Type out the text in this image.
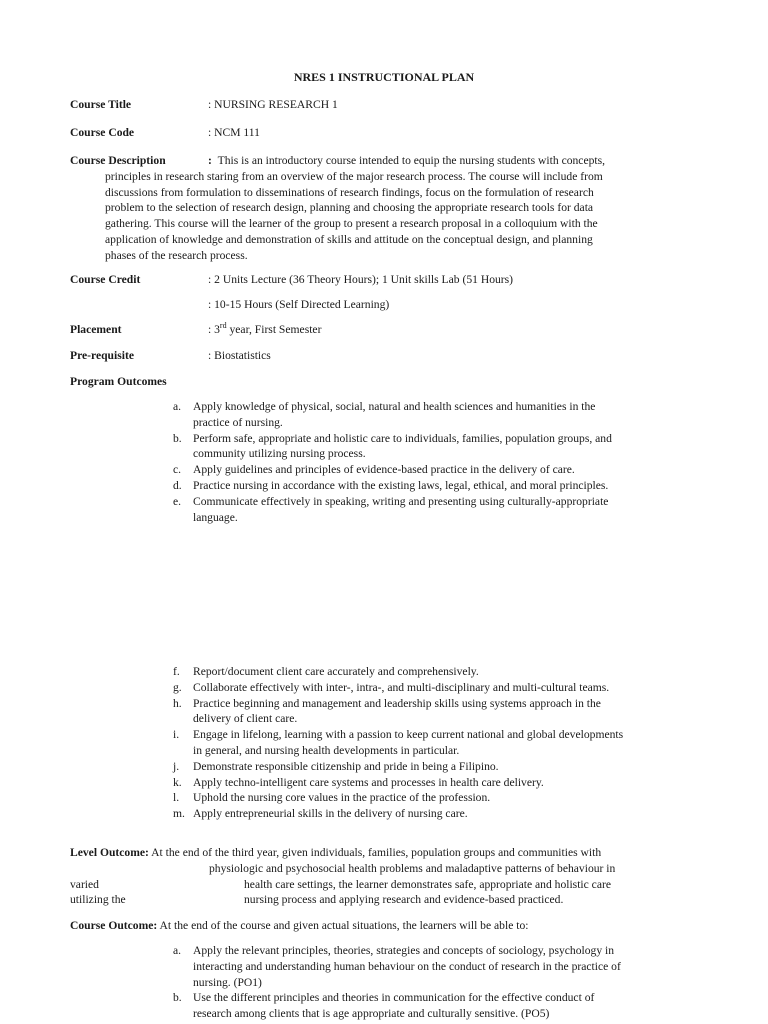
NRES 1 INSTRUCTIONAL PLAN
Course Title	: NURSING RESEARCH 1
Course Code	: NCM 111
Course Description	: This is an introductory course intended to equip the nursing students with concepts,
principles in research staring from an overview of the major research process. The course will include from
discussions from formulation to disseminations of research findings, focus on the formulation of research
problem to the selection of research design, planning and choosing the appropriate research tools for data
gathering. This course will the learner of the group to present a research proposal in a colloquium with the
application of knowledge and demonstration of skills and attitude on the conceptual design, and planning
phases of the research process.
Course Credit	: 2 Units Lecture (36 Theory Hours); 1 Unit skills Lab (51 Hours)
: 10-15 Hours (Self Directed Learning)
Placement	: 3rd year, First Semester
Pre-requisite	: Biostatistics
Program Outcomes
a. Apply knowledge of physical, social, natural and health sciences and humanities in the
practice of nursing.
b. Perform safe, appropriate and holistic care to individuals, families, population groups, and
community utilizing nursing process.
c. Apply guidelines and principles of evidence-based practice in the delivery of care.
d. Practice nursing in accordance with the existing laws, legal, ethical, and moral principles.
e. Communicate effectively in speaking, writing and presenting using culturally-appropriate
language.
f. Report/document client care accurately and comprehensively.
g. Collaborate effectively with inter-, intra-, and multi-disciplinary and multi-cultural teams.
h. Practice beginning and management and leadership skills using systems approach in the
delivery of client care.
i. Engage in lifelong, learning with a passion to keep current national and global developments
in general, and nursing health developments in particular.
j. Demonstrate responsible citizenship and pride in being a Filipino.
k. Apply techno-intelligent care systems and processes in health care delivery.
l. Uphold the nursing core values in the practice of the profession.
m. Apply entrepreneurial skills in the delivery of nursing care.
Level Outcome: At the end of the third year, given individuals, families, population groups and communities with
physiologic and psychosocial health problems and maladaptive patterns of behaviour in
varied	health care settings, the learner demonstrates safe, appropriate and holistic care
utilizing the	nursing process and applying research and evidence-based practiced.
Course Outcome: At the end of the course and given actual situations, the learners will be able to:
a. Apply the relevant principles, theories, strategies and concepts of sociology, psychology in
interacting and understanding human behaviour on the conduct of research in the practice of
nursing. (PO1)
b. Use the different principles and theories in communication for the effective conduct of
research among clients that is age appropriate and culturally sensitive. (PO5)
